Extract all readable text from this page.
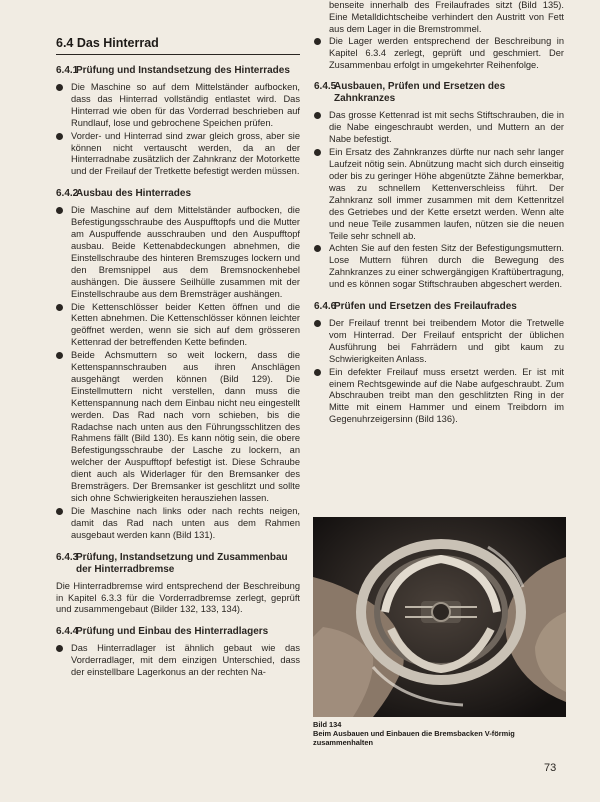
6.4 Das Hinterrad
6.4.1
Prüfung und Instandsetzung des Hinterrades
Die Maschine so auf dem Mittelständer aufbocken, dass das Hinterrad vollständig entlastet wird. Das Hinterrad wie oben für das Vorderrad beschrieben auf Rundlauf, lose und gebrochene Speichen prüfen.
Vorder- und Hinterrad sind zwar gleich gross, aber sie können nicht vertauscht werden, da an der Hinterradnabe zusätzlich der Zahnkranz der Motorkette und der Freilauf der Tretkette befestigt werden müssen.
6.4.2
Ausbau des Hinterrades
Die Maschine auf dem Mittelständer aufbocken, die Befestigungsschraube des Auspufftopfs und die Mutter am Auspuffende ausschrauben und den Auspufftopf ausbau. Beide Kettenabdeckungen abnehmen, die Einstellschraube des hinteren Bremszuges lockern und den Bremsnippel aus dem Bremsnockenhebel aushängen. Die äussere Seilhülle zusammen mit der Einstellschraube aus dem Bremsträger aushängen.
Die Kettenschlösser beider Ketten öffnen und die Ketten abnehmen. Die Kettenschlösser können leichter geöffnet werden, wenn sie sich auf dem grösseren Kettenrad der betreffenden Kette befinden.
Beide Achsmuttern so weit lockern, dass die Kettenspannschrauben aus ihren Anschlägen ausgehängt werden können (Bild 129). Die Einstellmuttern nicht verstellen, dann muss die Kettenspannung nach dem Einbau nicht neu eingestellt werden. Das Rad nach vorn schieben, bis die Radachse nach unten aus den Führungsschlitzen des Rahmens fällt (Bild 130). Es kann nötig sein, die obere Befestigungsschraube der Lasche zu lockern, an welcher der Auspufftopf befestigt ist. Diese Schraube dient auch als Widerlager für den Bremsanker des Bremsträgers. Der Bremsanker ist geschlitzt und sollte sich ohne Schwierigkeiten herausziehen lassen.
Die Maschine nach links oder nach rechts neigen, damit das Rad nach unten aus dem Rahmen ausgebaut werden kann (Bild 131).
6.4.3
Prüfung, Instandsetzung und Zusammenbau der Hinterradbremse
Die Hinterradbremse wird entsprechend der Beschreibung in Kapitel 6.3.3 für die Vorderradbremse zerlegt, geprüft und zusammengebaut (Bilder 132, 133, 134).
6.4.4
Prüfung und Einbau des Hinterradlagers
Das Hinterradlager ist ähnlich gebaut wie das Vorderradlager, mit dem einzigen Unterschied, dass der einstellbare Lagerkonus an der rechten Na-
benseite innerhalb des Freilaufrades sitzt (Bild 135). Eine Metalldichtscheibe verhindert den Austritt von Fett aus dem Lager in die Bremstrommel.
Die Lager werden entsprechend der Beschreibung in Kapitel 6.3.4 zerlegt, geprüft und geschmiert. Der Zusammenbau erfolgt in umgekehrter Reihenfolge.
6.4.5
Ausbauen, Prüfen und Ersetzen des Zahnkranzes
Das grosse Kettenrad ist mit sechs Stiftschrauben, die in die Nabe eingeschraubt werden, und Muttern an der Nabe befestigt.
Ein Ersatz des Zahnkranzes dürfte nur nach sehr langer Laufzeit nötig sein. Abnützung macht sich durch einseitig oder bis zu geringer Höhe abgenützte Zähne bemerkbar, was zu schnellem Kettenverschleiss führt. Der Zahnkranz soll immer zusammen mit dem Kettenritzel des Getriebes und der Kette ersetzt werden. Wenn alte und neue Teile zusammen laufen, nützen sie die neuen Teile sehr schnell ab.
Achten Sie auf den festen Sitz der Befestigungsmuttern. Lose Muttern führen durch die Bewegung des Zahnkranzes zu einer schwergängigen Kraftübertragung, und es können sogar Stiftschrauben abgeschert werden.
6.4.6
Prüfen und Ersetzen des Freilaufrades
Der Freilauf trennt bei treibendem Motor die Tretwelle vom Hinterrad. Der Freilauf entspricht der üblichen Ausführung bei Fahrrädern und gibt kaum zu Schwierigkeiten Anlass.
Ein defekter Freilauf muss ersetzt werden. Er ist mit einem Rechtsgewinde auf die Nabe aufgeschraubt. Zum Abschrauben treibt man den geschlitzten Ring in der Mitte mit einem Hammer und einem Treibdorn im Gegenuhrzeigersinn (Bild 136).
Bild 134
Beim Ausbauen und Einbauen die Bremsbacken V-förmig zusammenhalten
73
